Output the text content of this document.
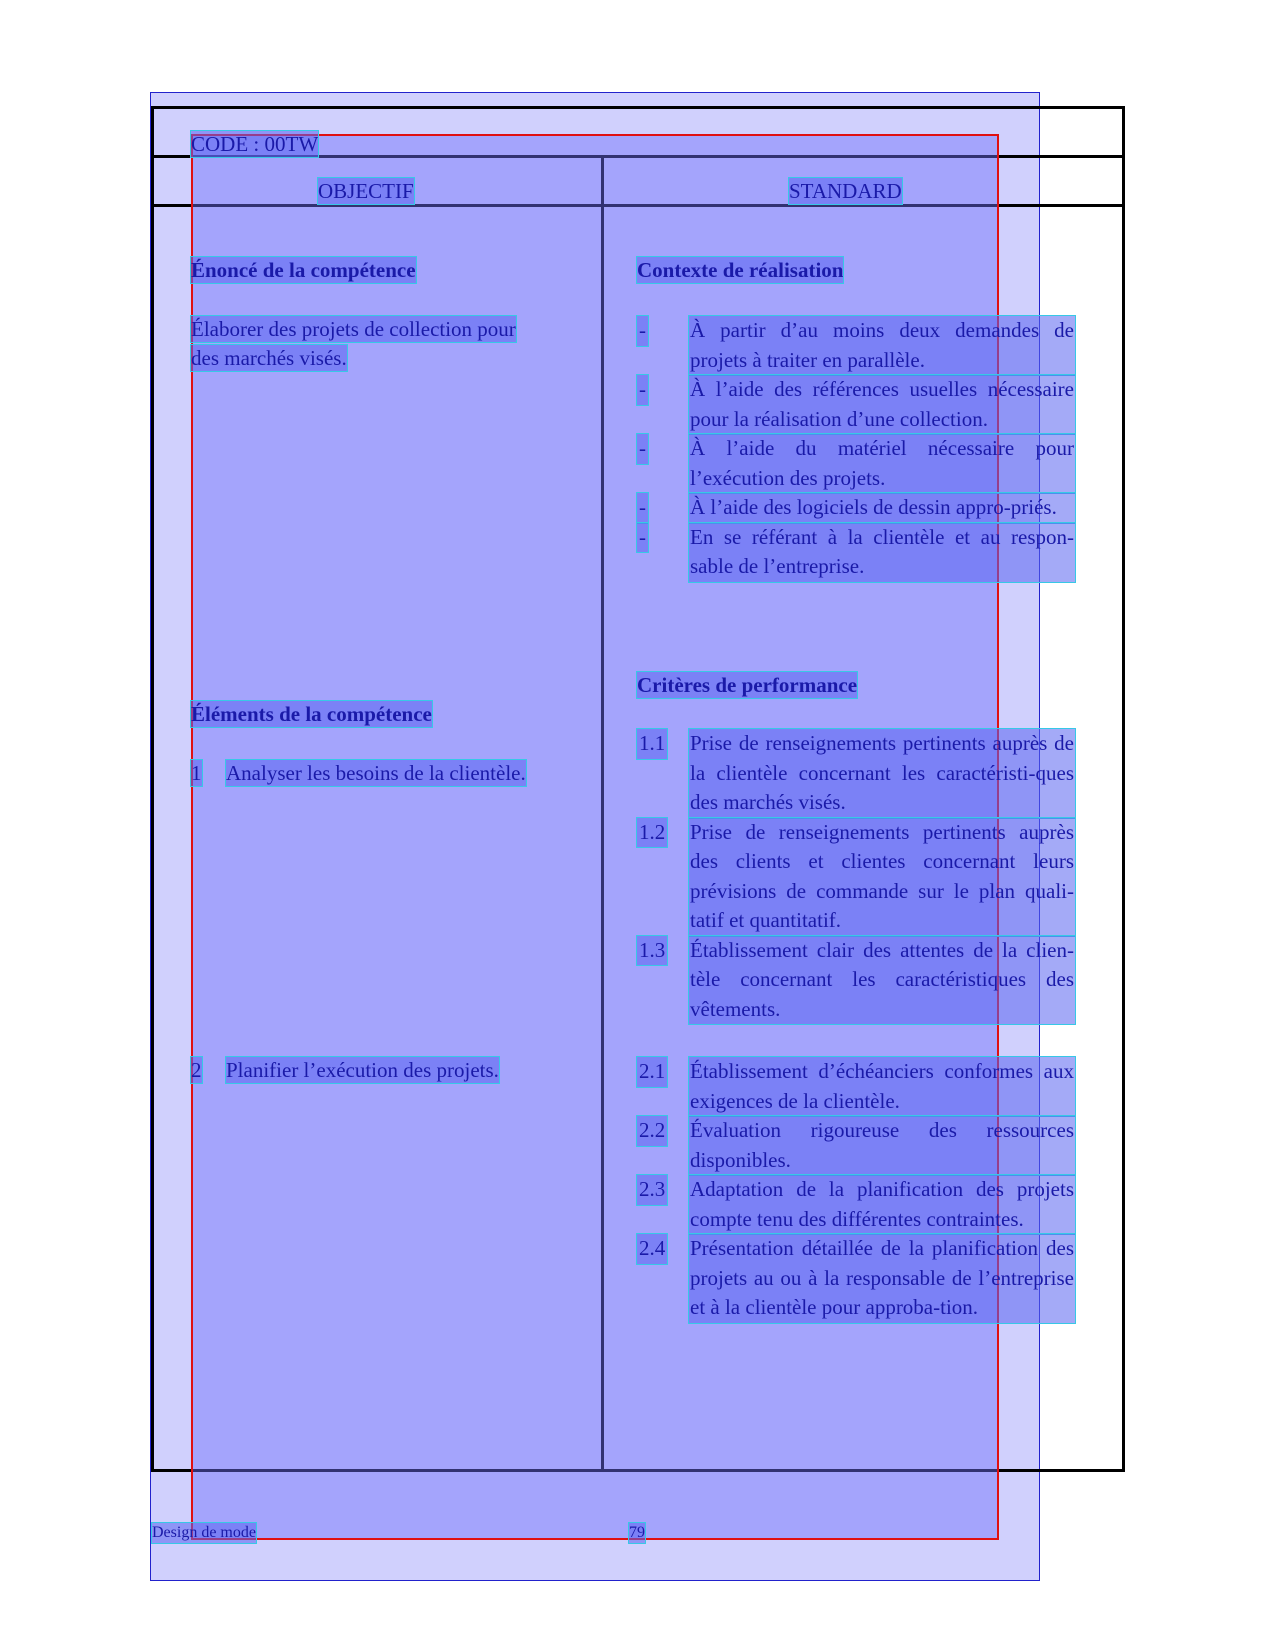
CODE : 00TW
OBJECTIF	STANDARD
Énoncé de la compétence
Élaborer des projets de collection pour
des marchés visés.
Éléments de la compétence
1 Analyser les besoins de la clientèle.
2 Planifier l’exécution des projets.
Contexte de réalisation
- À partir d’au moins deux demandes de projets à traiter en parallèle.
- À l’aide des références usuelles nécessaire pour la réalisation d’une collection.
- À l’aide du matériel nécessaire pour l’exécution des projets.
- À l’aide des logiciels de dessin appro-priés.
- En se référant à la clientèle et au respon-sable de l’entreprise.
Critères de performance
1.1 Prise de renseignements pertinents auprès de la clientèle concernant les caractéristi-ques des marchés visés.
1.2 Prise de renseignements pertinents auprès des clients et clientes concernant leurs prévisions de commande sur le plan quali-tatif et quantitatif.
1.3 Établissement clair des attentes de la clien-tèle concernant les caractéristiques des vêtements.
2.1 Établissement d’échéanciers conformes aux exigences de la clientèle.
2.2 Évaluation rigoureuse des ressources disponibles.
2.3 Adaptation de la planification des projets compte tenu des différentes contraintes.
2.4 Présentation détaillée de la planification des projets au ou à la responsable de l’entreprise et à la clientèle pour approba-tion.
Design de mode	79
